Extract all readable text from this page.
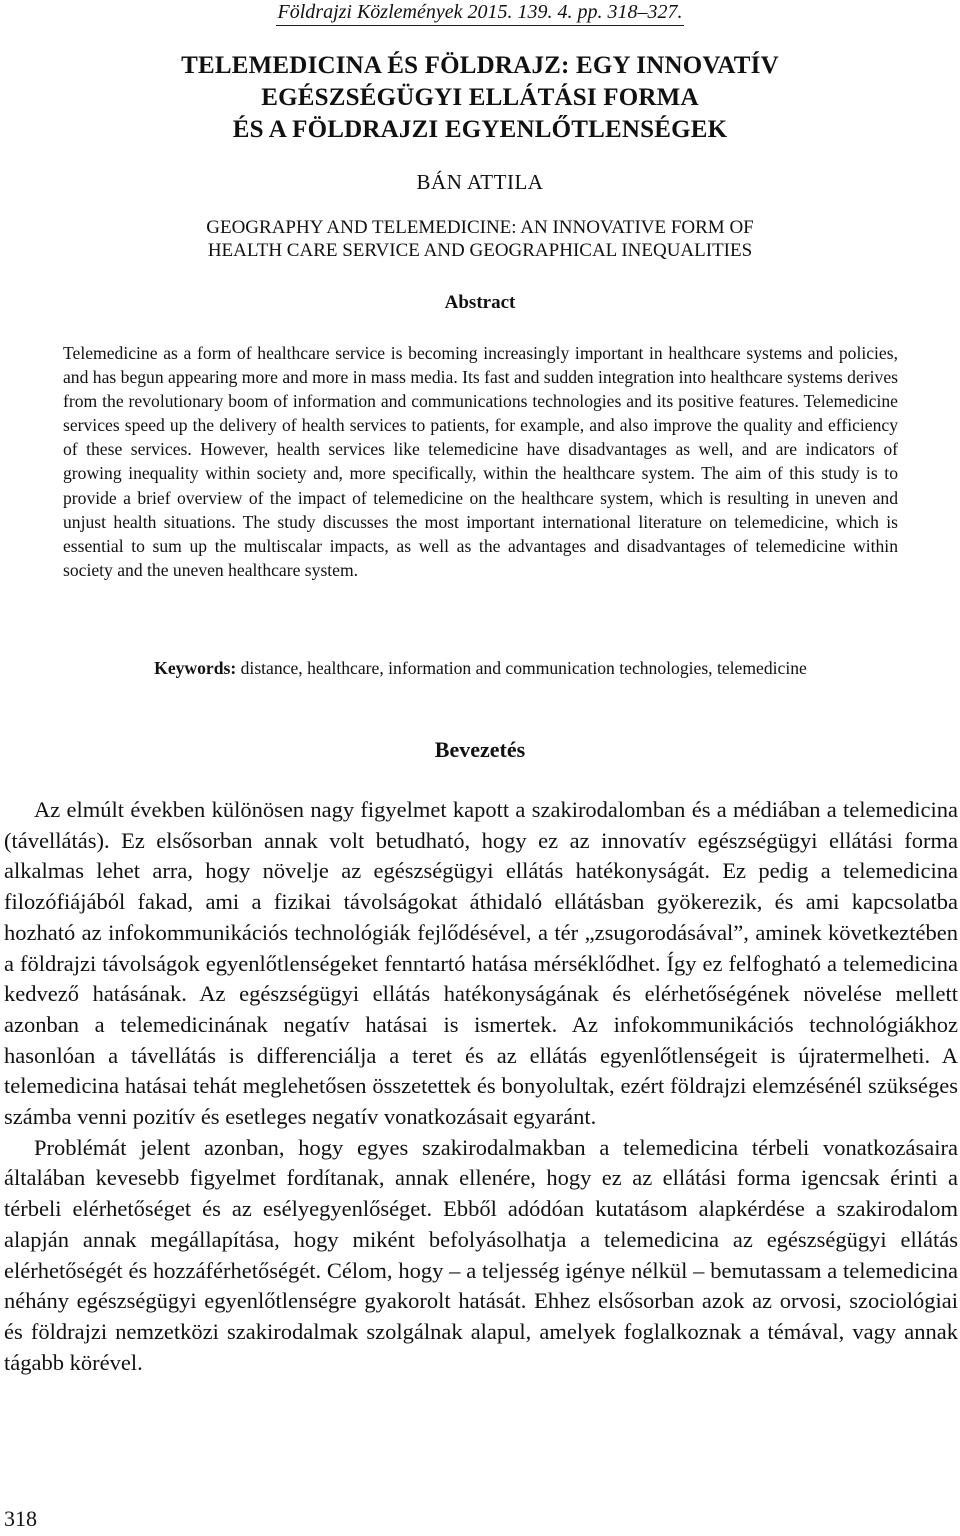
Földrajzi Közlemények 2015. 139. 4. pp. 318–327.
TELEMEDICINA ÉS FÖLDRAJZ: EGY INNOVATÍV
EGÉSZSÉGÜGYI ELLÁTÁSI FORMA
ÉS A FÖLDRAJZI EGYENLŐTLENSÉGEK
BÁN ATTILA
GEOGRAPHY AND TELEMEDICINE: AN INNOVATIVE FORM OF
HEALTH CARE SERVICE AND GEOGRAPHICAL INEQUALITIES
Abstract
Telemedicine as a form of healthcare service is becoming increasingly important in healthcare systems and policies, and has begun appearing more and more in mass media. Its fast and sudden integration into healthcare systems derives from the revolutionary boom of information and communications technologies and its positive features. Telemedicine services speed up the delivery of health services to patients, for example, and also improve the quality and efficiency of these services. However, health services like telemedicine have disadvantages as well, and are indicators of growing inequality within society and, more specifically, within the healthcare system. The aim of this study is to provide a brief overview of the impact of telemedicine on the healthcare system, which is resulting in uneven and unjust health situations. The study discusses the most important international literature on telemedicine, which is essential to sum up the multiscalar impacts, as well as the advantages and disadvantages of telemedicine within society and the uneven healthcare system.
Keywords: distance, healthcare, information and communication technologies, telemedicine
Bevezetés

Az elmúlt években különösen nagy figyelmet kapott a szakirodalomban és a médiában a telemedicina (távellátás). Ez elsősorban annak volt betudható, hogy ez az innovatív egészségügyi ellátási forma alkalmas lehet arra, hogy növelje az egészségügyi ellátás hatékonyságát. Ez pedig a telemedicina filozófiájából fakad, ami a fizikai távolságokat áthidaló ellátásban gyökerezik, és ami kapcsolatba hozható az infokommunikációs technológiák fejlődésével, a tér „zsugorodásával”, aminek következtében a földrajzi távolságok egyenlőtlenségeket fenntartó hatása mérséklődhet. Így ez felfogható a telemedicina kedvező hatásának. Az egészségügyi ellátás hatékonyságának és elérhetőségének növelése mellett azonban a telemedicinának negatív hatásai is ismertek. Az infokommunikációs technológiákhoz hasonlóan a távellátás is differenciálja a teret és az ellátás egyenlőtlenségeit is újratermelheti. A telemedicina hatásai tehát meglehetősen összetettek és bonyolultak, ezért földrajzi elemzésénél szükséges számba venni pozitív és esetleges negatív vonatkozásait egyaránt.

Problémát jelent azonban, hogy egyes szakirodalmakban a telemedicina térbeli vonatkozásaira általában kevesebb figyelmet fordítanak, annak ellenére, hogy ez az ellátási forma igencsak érinti a térbeli elérhetőséget és az esélyegyenlőséget. Ebből adódóan kutatásom alapkérdése a szakirodalom alapján annak megállapítása, hogy miként befolyásolhatja a telemedicina az egészségügyi ellátás elérhetőségét és hozzáférhetőségét. Célom, hogy – a teljesség igénye nélkül – bemutassam a telemedicina néhány egészségügyi egyenlőtlenségre gyakorolt hatását. Ehhez elsősorban azok az orvosi, szociológiai és földrajzi nemzetközi szakirodalmak szolgálnak alapul, amelyek foglalkoznak a témával, vagy annak tágabb körével.

318
